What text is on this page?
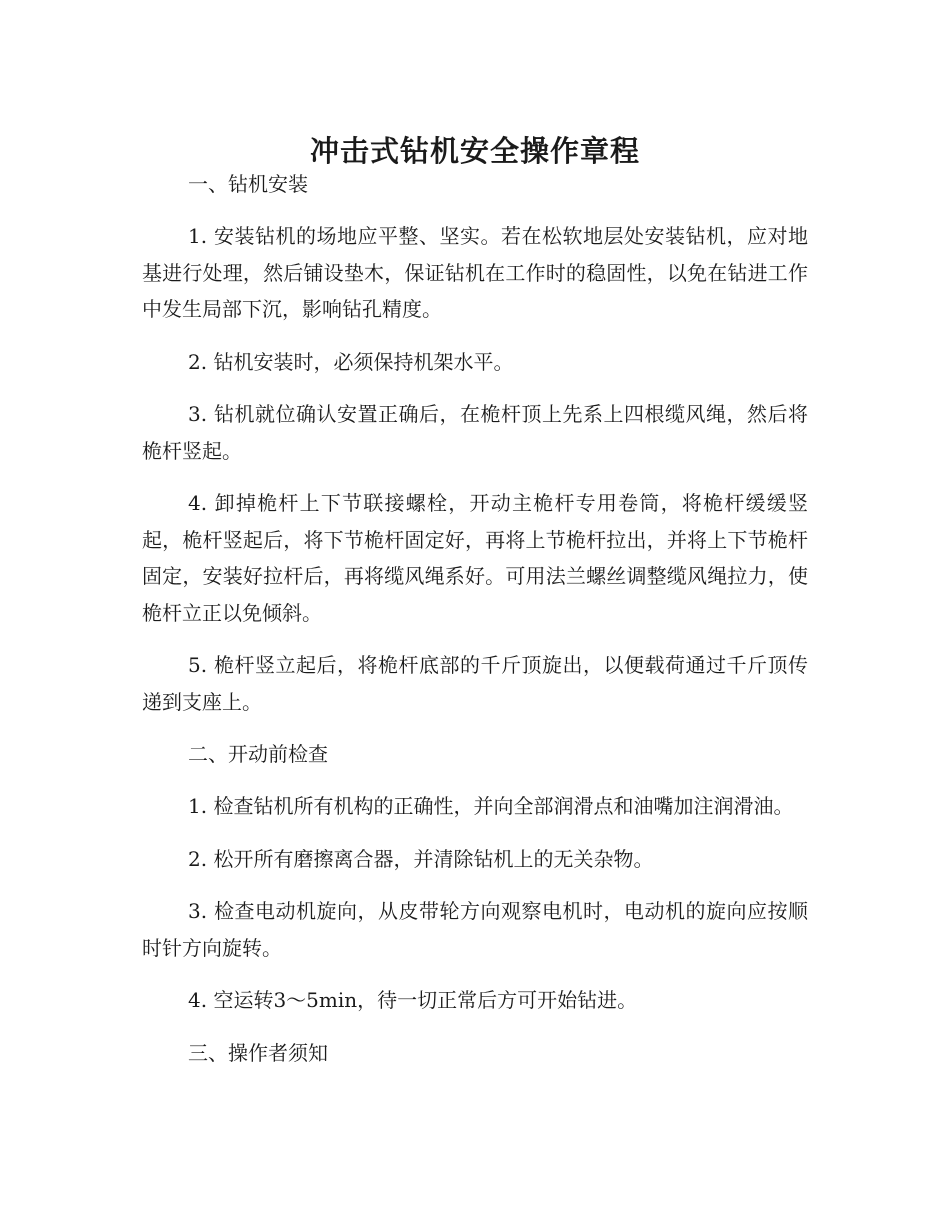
冲击式钻机安全操作章程

一、钻机安装

1. 安装钻机的场地应平整、坚实。若在松软地层处安装钻机，应对地基进行处理，然后铺设垫木，保证钻机在工作时的稳固性，以免在钻进工作中发生局部下沉，影响钻孔精度。

2. 钻机安装时，必须保持机架水平。

3. 钻机就位确认安置正确后，在桅杆顶上先系上四根缆风绳，然后将桅杆竖起。

4. 卸掉桅杆上下节联接螺栓，开动主桅杆专用卷筒，将桅杆缓缓竖起，桅杆竖起后，将下节桅杆固定好，再将上节桅杆拉出，并将上下节桅杆固定，安装好拉杆后，再将缆风绳系好。可用法兰螺丝调整缆风绳拉力，使桅杆立正以免倾斜。

5. 桅杆竖立起后，将桅杆底部的千斤顶旋出，以便载荷通过千斤顶传递到支座上。

二、开动前检查

1. 检查钻机所有机构的正确性，并向全部润滑点和油嘴加注润滑油。

2. 松开所有磨擦离合器，并清除钻机上的无关杂物。

3. 检查电动机旋向，从皮带轮方向观察电机时，电动机的旋向应按顺时针方向旋转。

4. 空运转3～5min，待一切正常后方可开始钻进。

三、操作者须知
